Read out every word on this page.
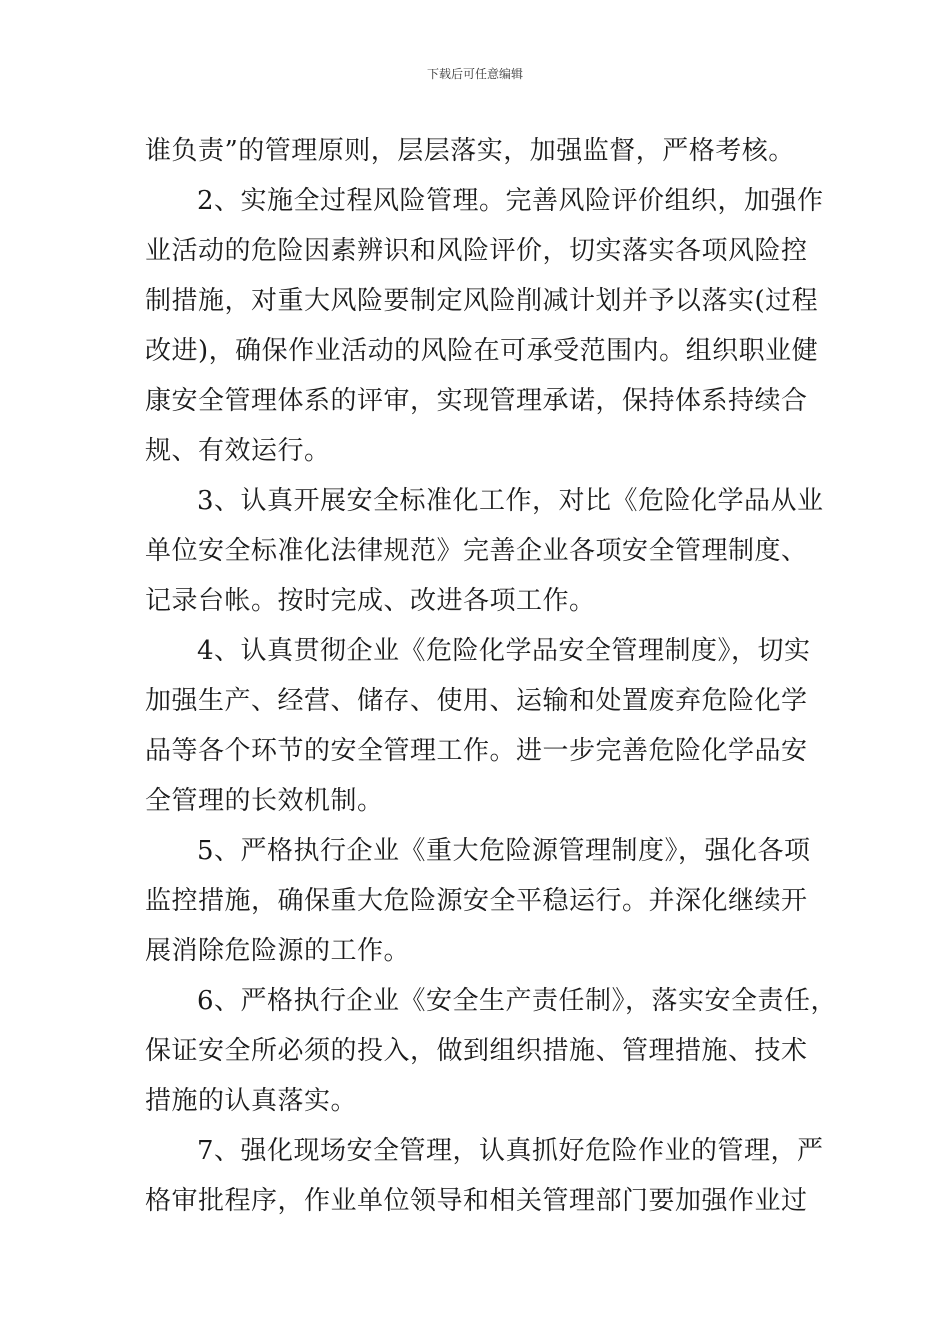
下载后可任意编辑
谁负责”的管理原则，层层落实，加强监督，严格考核。
2、实施全过程风险管理。完善风险评价组织，加强作
业活动的危险因素辨识和风险评价，切实落实各项风险控
制措施，对重大风险要制定风险削减计划并予以落实(过程
改进)，确保作业活动的风险在可承受范围内。组织职业健
康安全管理体系的评审，实现管理承诺，保持体系持续合
规、有效运行。
3、认真开展安全标准化工作，对比《危险化学品从业
单位安全标准化法律规范》完善企业各项安全管理制度、
记录台帐。按时完成、改进各项工作。
4、认真贯彻企业《危险化学品安全管理制度》，切实
加强生产、经营、储存、使用、运输和处置废弃危险化学
品等各个环节的安全管理工作。进一步完善危险化学品安
全管理的长效机制。
5、严格执行企业《重大危险源管理制度》，强化各项
监控措施，确保重大危险源安全平稳运行。并深化继续开
展消除危险源的工作。
6、严格执行企业《安全生产责任制》，落实安全责任，
保证安全所必须的投入，做到组织措施、管理措施、技术
措施的认真落实。
7、强化现场安全管理，认真抓好危险作业的管理，严
格审批程序，作业单位领导和相关管理部门要加强作业过
